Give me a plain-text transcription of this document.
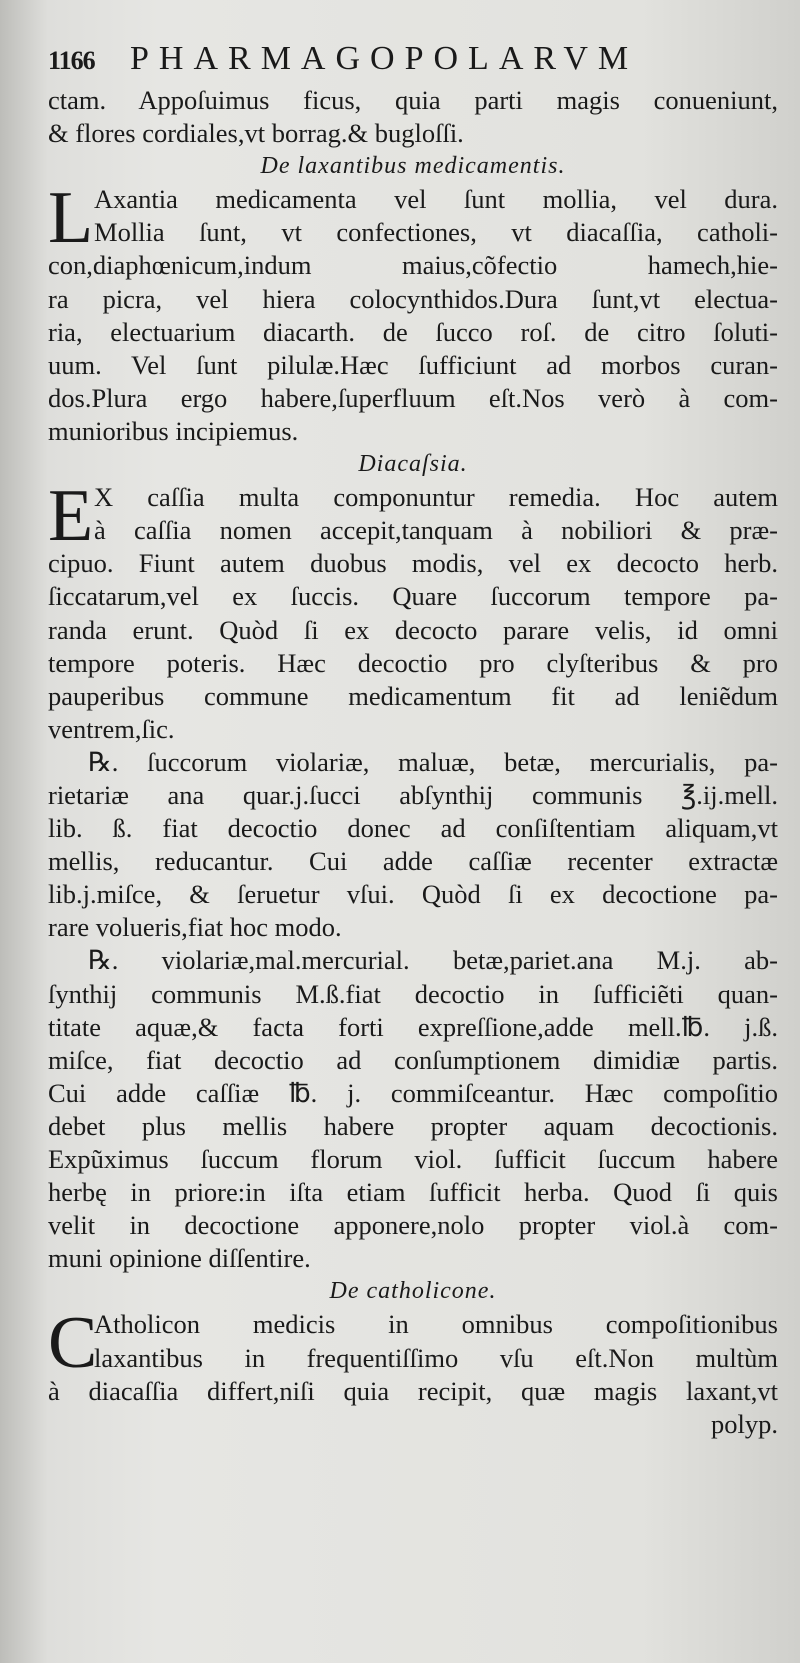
1166	PHARMAGOPOLARVM
ctam. Appoſuimus ficus, quia parti magis conueniunt,
& flores cordiales,vt borrag.& bugloſſi.
De laxantibus medicamentis.
L Axantia medicamenta vel ſunt mollia, vel dura.
Mollia ſunt, vt confectiones, vt diacaſſia, catholi-
con,diaphœnicum,indum maius,cõfectio hamech,hie-
ra picra, vel hiera colocynthidos.Dura ſunt,vt electua-
ria, electuarium diacarth. de ſucco roſ. de citro ſoluti-
uum. Vel ſunt pilulæ.Hæc ſufficiunt ad morbos curan-
dos.Plura ergo habere,ſuperfluum eſt.Nos verò à com-
munioribus incipiemus.
Diacaſsia.
E X caſſia multa componuntur remedia. Hoc autem
à caſſia nomen accepit,tanquam à nobiliori & præ-
cipuo. Fiunt autem duobus modis, vel ex decocto herb.
ſiccatarum,vel ex ſuccis. Quare ſuccorum tempore pa-
randa erunt. Quòd ſi ex decocto parare velis, id omni
tempore poteris. Hæc decoctio pro clyſteribus & pro
pauperibus commune medicamentum fit ad leniẽdum
ventrem,ſic.
℞. ſuccorum violariæ, maluæ, betæ, mercurialis, pa-
rietariæ ana quar.j.ſucci abſynthij communis ℥.ij.mell.
lib. ß. fiat decoctio donec ad conſiſtentiam aliquam,vt
mellis, reducantur. Cui adde caſſiæ recenter extractæ
lib.j.miſce, & ſeruetur vſui. Quòd ſi ex decoctione pa-
rare volueris,fiat hoc modo.
℞. violariæ,mal.mercurial. betæ,pariet.ana M.j. ab-
ſynthij communis M.ß.fiat decoctio in ſufficiẽti quan-
titate aquæ,& facta forti expreſſione,adde mell.℔. j.ß.
miſce, fiat decoctio ad conſumptionem dimidiæ partis.
Cui adde caſſiæ ℔. j. commiſceantur. Hæc compoſitio
debet plus mellis habere propter aquam decoctionis.
Expũximus ſuccum florum viol. ſufficit ſuccum habere
herbę in priore:in iſta etiam ſufficit herba. Quod ſi quis
velit in decoctione apponere,nolo propter viol.à com-
muni opinione diſſentire.
De catholicone.
C
Atholicon medicis in omnibus compoſitionibus
laxantibus in frequentiſſimo vſu eſt.Non multùm
à diacaſſia differt,niſi quia recipit, quæ magis laxant,vt
polyp.
